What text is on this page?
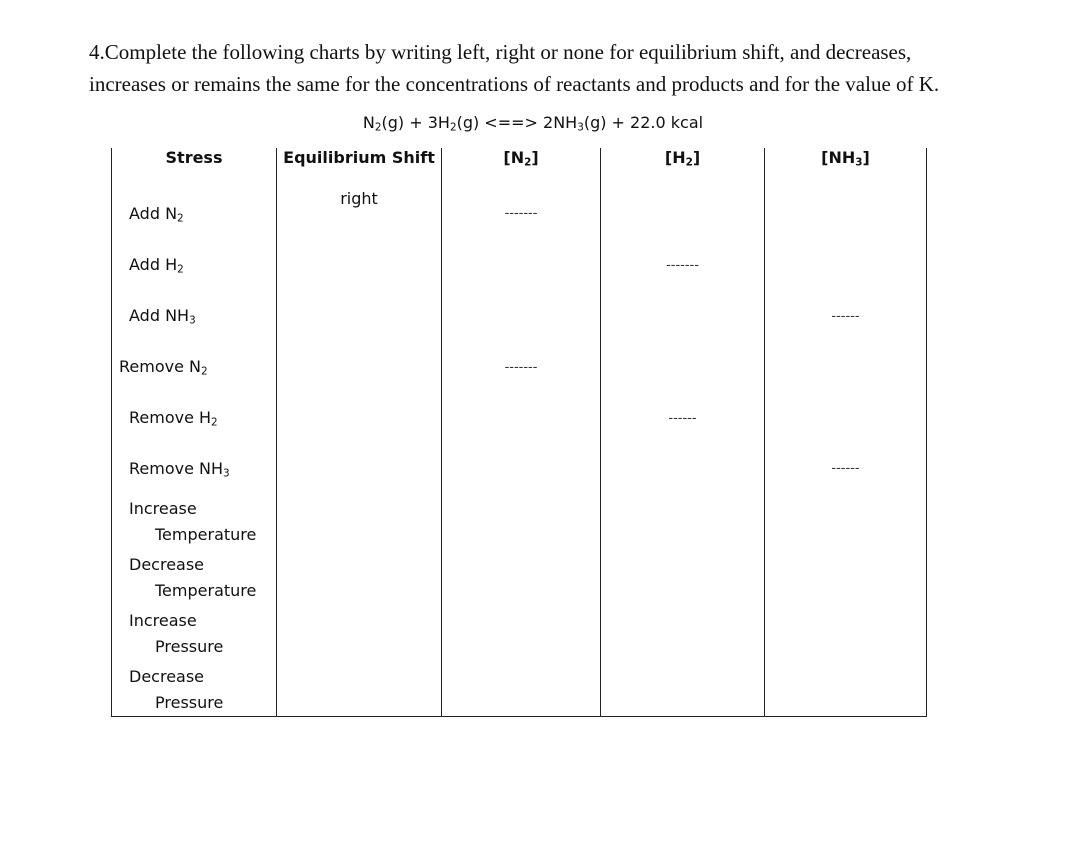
4.Complete the following charts by writing left, right or none for equilibrium shift, and decreases,
increases or remains the same for the concentrations of reactants and products and for the value of K.
$N_2(g) + 3H_2(g)$ <==> $2NH_3(g) + 22.0$ kcal
Stress	Equilibrium Shift	$[N_2]$	$[H_2]$	$[NH_3]$

Add $N_2$	right	-------		

Add $H_2$			-------	

Add $NH_3$				------

Remove $N_2$		-------		

Remove $H_2$			------	

Remove $NH_3$				------

Increase
Temperature				

Decrease
Temperature				

Increase
Pressure				

Decrease
Pressure				
